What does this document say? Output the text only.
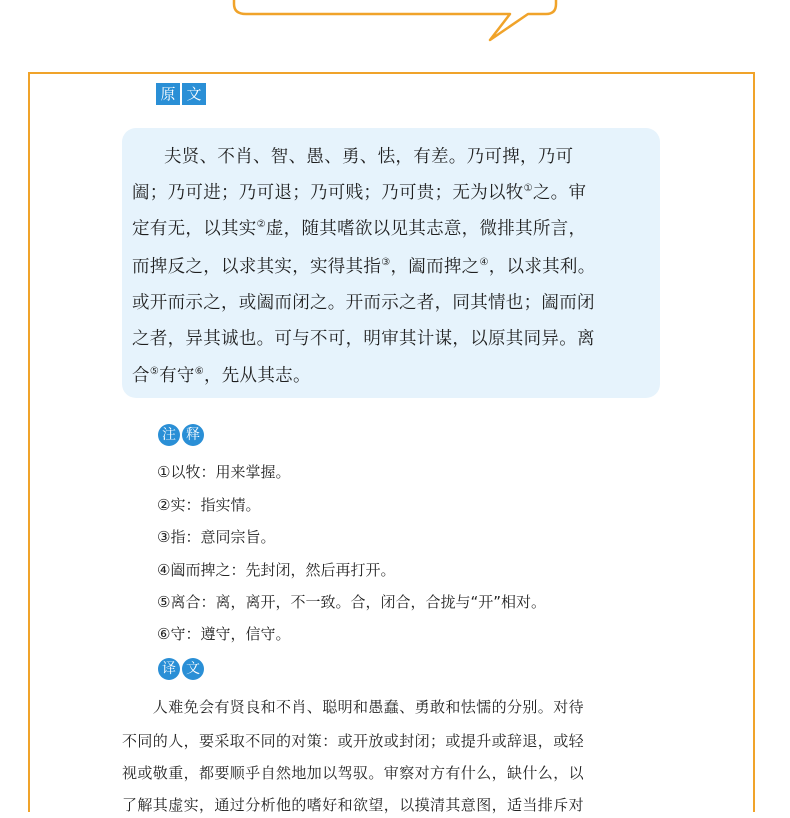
原 文
夫贤、不肖、智、愚、勇、怯，有差。乃可捭，乃可
阖；乃可进；乃可退；乃可贱；乃可贵；无为以牧①之。审
定有无，以其实②虚，随其嗜欲以见其志意，微排其所言，
而捭反之，以求其实，实得其指③，阖而捭之④，以求其利。
或开而示之，或阖而闭之。开而示之者，同其情也；阖而闭
之者，异其诚也。可与不可，明审其计谋，以原其同异。离
合⑤有守⑥，先从其志。
注 释
①以牧：用来掌握。
②实：指实情。
③指：意同宗旨。
④阖而捭之：先封闭，然后再打开。
⑤离合：离，离开，不一致。合，闭合，合拢与“开”相对。
⑥守：遵守，信守。
译 文
　　人难免会有贤良和不肖、聪明和愚蠢、勇敢和怯懦的分别。对待
不同的人，要采取不同的对策：或开放或封闭；或提升或辞退，或轻
视或敬重，都要顺乎自然地加以驾驭。审察对方有什么，缺什么，以
了解其虚实，通过分析他的嗜好和欲望，以摸清其意图，适当排斥对
